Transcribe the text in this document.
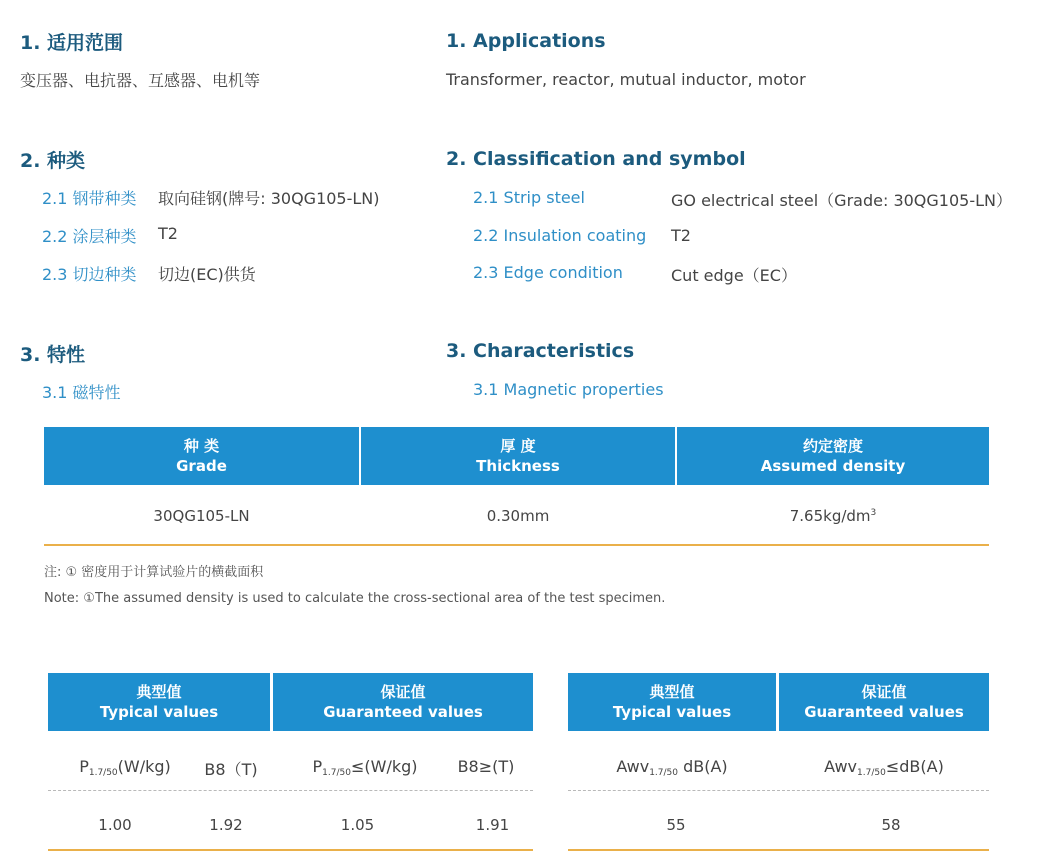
1. 适用范围
变压器、电抗器、互感器、电机等
1. Applications
Transformer, reactor, mutual inductor, motor
2. 种类	2. Classification and symbol
2.1 钢带种类 取向硅钢(牌号: 30QG105-LN)
2.2 涂层种类 T2
2.3 切边种类 切边(EC)供货
2.1 Strip steel	GO electrical steel（Grade: 30QG105-LN）
2.2 Insulation coating T2
2.3 Edge condition	Cut edge（EC）
3. 特性
3.1 磁特性
3. Characteristics
3.1 Magnetic properties
种 类
Grade
厚 度
Thickness
约定密度
Assumed density
30QG105-LN	0.30mm	$7.65kg/dm^3$
注: ① 密度用于计算试验片的横截面积
Note: ①The assumed density is used to calculate the cross-sectional area of the test specimen.
典型值
Typical values
保证值
Guaranteed values
$P_{1.7/50}(W/kg)$	B8（T)	$P_{1.7/50}\le(W/kg)$	B8≥(T)
1.00	1.92	1.05	1.91
典型值
Typical values
保证值
Guaranteed values
Awv$_{1.7/50}$ dB(A)	Awv$_{1.7/50}$≤dB(A)
55	58
